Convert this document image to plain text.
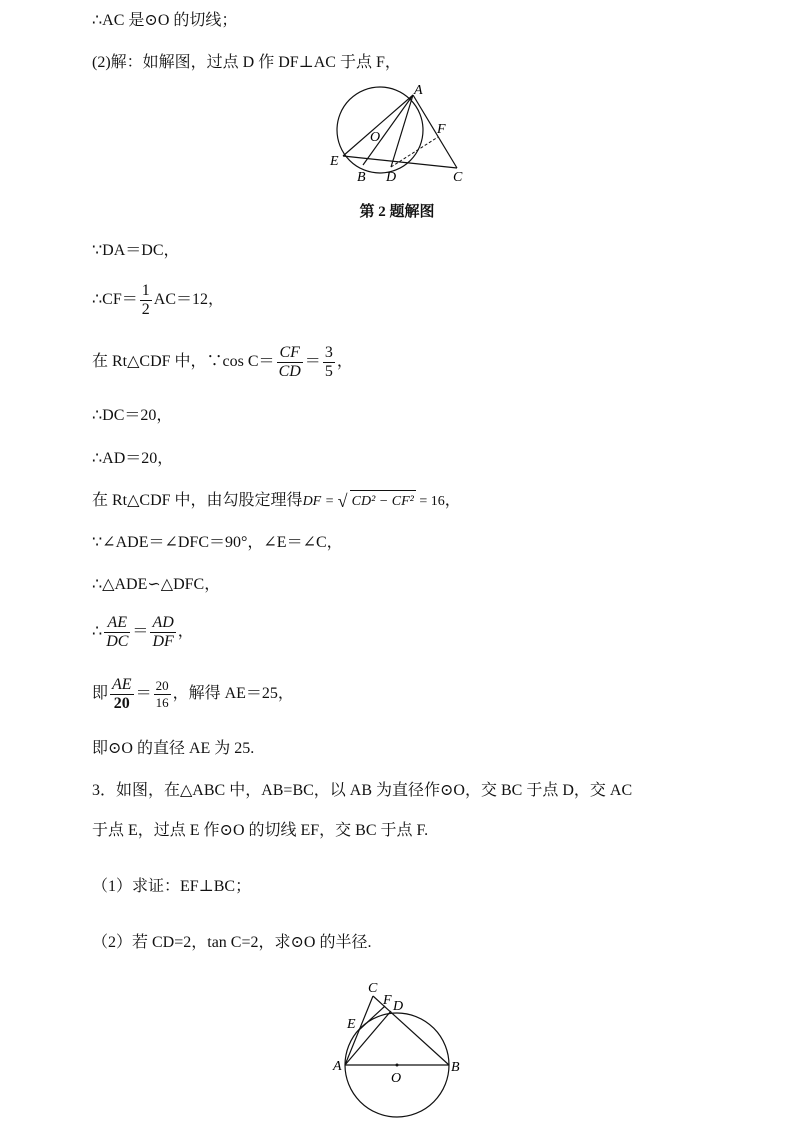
∴AC 是⊙O 的切线；
(2)解：如解图，过点 D 作 DF⊥AC 于点 F，
A
O
F
E
B D	C
第 2 题解图
∵DA＝DC，
∴CF＝ $\frac{1}{2} AC=12$，
在 Rt△CDF 中，∵cos $C= \frac{CF}{CD} = \frac{3}{5}$ ，
∴DC＝20，
∴AD＝20，
在 Rt△CDF 中，由勾股定理得DF = √ CD² − CF² = 16，
∵∠ADE＝∠DFC＝90°，∠E＝∠C，
∴△ADE∽△DFC，
∴ $\frac{AE}{DC} = \frac{AD}{DF}$ ，
即 $\frac{AE}{20} = \frac{20}{16}$ ，解得 AE＝25，
即⊙O 的直径 AE 为 25.
3．如图，在△ABC 中，AB=BC，以 AB 为直径作⊙O，交 BC 于点 D，交 AC
于点 E，过点 E 作⊙O 的切线 EF，交 BC 于点 F.
（1）求证：EF⊥BC；
（2）若 CD=2，tan C=2，求⊙O 的半径.
C
F D
E
A
O
B
